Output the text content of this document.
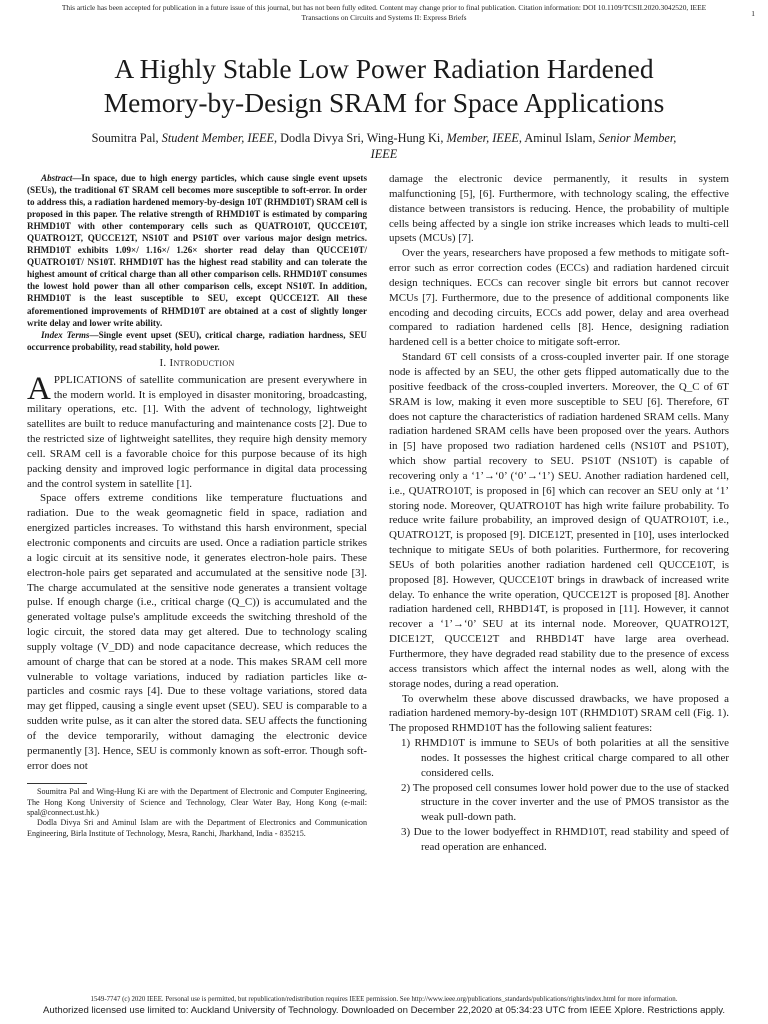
This article has been accepted for publication in a future issue of this journal, but has not been fully edited. Content may change prior to final publication. Citation information: DOI 10.1109/TCSII.2020.3042520, IEEE
Transactions on Circuits and Systems II: Express Briefs	1
A Highly Stable Low Power Radiation Hardened
Memory-by-Design SRAM for Space Applications
Soumitra Pal, Student Member, IEEE, Dodla Divya Sri, Wing-Hung Ki, Member, IEEE, Aminul Islam, Senior Member,
IEEE

Abstract—In space, due to high energy particles, which cause single event upsets (SEUs), the traditional 6T SRAM cell becomes more susceptible to soft-error. In order to address this, a radiation hardened memory-by-design 10T (RHMD10T) SRAM cell is proposed in this paper. The relative strength of RHMD10T is estimated by comparing RHMD10T with other contemporary cells such as QUATRO10T, QUCCE10T, QUATRO12T, QUCCE12T, NS10T and PS10T over various major design metrics. RHMD10T exhibits 1.09×/ 1.16×/ 1.26× shorter read delay than QUCCE10T/ QUATRO10T/ NS10T. RHMD10T has the highest read stability and can tolerate the highest amount of critical charge than all other comparison cells. RHMD10T consumes the lowest hold power than all other comparison cells, except NS10T. In addition, RHMD10T is the least susceptible to SEU, except QUCCE12T. All these aforementioned improvements of RHMD10T are obtained at a cost of slightly longer write delay and lower write ability.

Index Terms—Single event upset (SEU), critical charge, radiation hardness, SEU occurrence probability, read stability, hold power.

I. Introduction

APPLICATIONS of satellite communication are present everywhere in the modern world. It is employed in disaster monitoring, broadcasting, military operations, etc. [1]. With the advent of technology, lightweight satellites are built to reduce manufacturing and maintenance costs [2]. Due to the restricted size of lightweight satellites, they require high density memory cell. SRAM cell is a favorable choice for this purpose because of its high packing density and improved logic performance in digital data processing and the control system in satellite [1].

Space offers extreme conditions like temperature fluctuations and radiation. Due to the weak geomagnetic field in space, radiation and energized particles increases. To withstand this harsh environment, special electronic components and circuits are used. Once a radiation particle strikes a logic circuit at its sensitive node, it generates electron-hole pairs. These electron-hole pairs get separated and accumulated at the sensitive node [3]. The charge accumulated at the sensitive node generates a transient voltage pulse. If enough charge (i.e., critical charge (Q_C)) is accumulated and the generated voltage pulse's amplitude exceeds the switching threshold of the logic circuit, the stored data may get altered. Due to technology scaling supply voltage (V_DD) and node capacitance decrease, which reduces the amount of charge that can be stored at a node. This makes SRAM cell more vulnerable to voltage variations, induced by radiation particles like α-particles and cosmic rays [4]. Due to these voltage variations, stored data may get flipped, causing a single event upset (SEU). SEU is comparable to a sudden write pulse, as it can alter the stored data. SEU affects the functioning of the device temporarily, without damaging the electronic device permanently [3]. Hence, SEU is commonly known as soft-error. Though soft-error does not

Soumitra Pal and Wing-Hung Ki are with the Department of Electronic and Computer Engineering, The Hong Kong University of Science and Technology, Clear Water Bay, Hong Kong (e-mail: spal@connect.ust.hk.)

Dodla Divya Sri and Aminul Islam are with the Department of Electronics and Communication Engineering, Birla Institute of Technology, Mesra, Ranchi, Jharkhand, India - 835215.

damage the electronic device permanently, it results in system malfunctioning [5], [6]. Furthermore, with technology scaling, the effective distance between transistors is reducing. Hence, the probability of multiple cells being affected by a single ion strike increases which leads to multi-cell upsets (MCUs) [7].

Over the years, researchers have proposed a few methods to mitigate soft-error such as error correction codes (ECCs) and radiation hardened circuit design techniques. ECCs can recover single bit errors but cannot recover MCUs [7]. Furthermore, due to the presence of additional components like encoding and decoding circuits, ECCs add power, delay and area overhead compared to radiation hardened cells [8]. Hence, designing radiation hardened cell is a better choice to mitigate soft-error.

Standard 6T cell consists of a cross-coupled inverter pair. If one storage node is affected by an SEU, the other gets flipped automatically due to the positive feedback of the cross-coupled inverters. Moreover, the Q_C of 6T SRAM is low, making it even more susceptible to SEU [6]. Therefore, 6T does not capture the characteristics of radiation hardened SRAM cells. Many radiation hardened SRAM cells have been proposed over the years. Authors in [5] have proposed two radiation hardened cells (NS10T and PS10T), which show partial recovery to SEU. PS10T (NS10T) is capable of recovering only a ‘1’→‘0’ (‘0’→‘1’) SEU. Another radiation hardened cell, i.e., QUATRO10T, is proposed in [6] which can recover an SEU only at ‘1’ storing node. Moreover, QUATRO10T has high write failure probability. To reduce write failure probability, an improved design of QUATRO10T, i.e., QUATRO12T, is proposed [9]. DICE12T, presented in [10], uses interlocked technique to mitigate SEUs of both polarities. Furthermore, for recovering SEUs of both polarities another radiation hardened cell QUCCE10T, is proposed [8]. However, QUCCE10T brings in drawback of increased write delay. To enhance the write operation, QUCCE12T is proposed [8]. Another radiation hardened cell, RHBD14T, is proposed in [11]. However, it cannot recover a ‘1’→‘0’ SEU at its internal node. Moreover, QUATRO12T, DICE12T, QUCCE12T and RHBD14T have large area overhead. Furthermore, they have degraded read stability due to the presence of excess access transistors which affect the internal nodes as well, along with the storage nodes, during a read operation.

To overwhelm these above discussed drawbacks, we have proposed a radiation hardened memory-by-design 10T (RHMD10T) SRAM cell (Fig. 1). The proposed RHMD10T has the following salient features:

1) RHMD10T is immune to SEUs of both polarities at all the sensitive nodes. It possesses the highest critical charge compared to all other considered cells.
2) The proposed cell consumes lower hold power due to the use of stacked structure in the cover inverter and the use of PMOS transistor as the weak pull-down path.
3) Due to the lower bodyeffect in RHMD10T, read stability and speed of read operation are enhanced.
1549-7747 (c) 2020 IEEE. Personal use is permitted, but republication/redistribution requires IEEE permission. See http://www.ieee.org/publications_standards/publications/rights/index.html for more information.
Authorized licensed use limited to: Auckland University of Technology. Downloaded on December 22,2020 at 05:34:23 UTC from IEEE Xplore. Restrictions apply.
